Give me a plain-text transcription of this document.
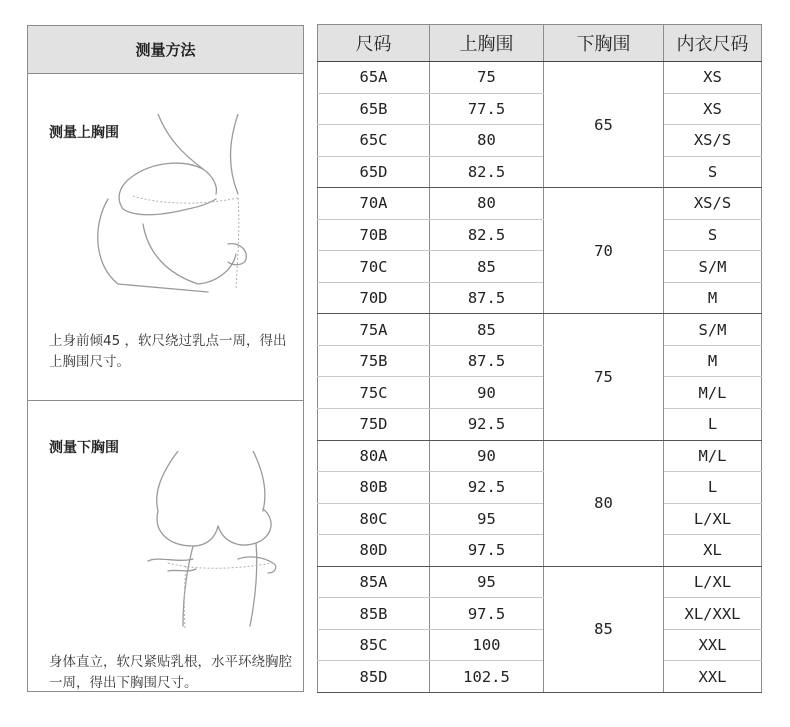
测量方法
测量上胸围
上身前倾45 ，软尺绕过乳点一周，得出上胸围尺寸。
测量下胸围
身体直立，软尺紧贴乳根，水平环绕胸腔一周，得出下胸围尺寸。
尺码	上胸围	下胸围	内衣尺码
65A	75	65	XS
65B	77.5		XS
65C	80		XS/S
65D	82.5		S
70A	80	70	XS/S
70B	82.5		S
70C	85		S/M
70D	87.5		M
75A	85	75	S/M
75B	87.5		M
75C	90		M/L
75D	92.5		L
80A	90	80	M/L
80B	92.5		L
80C	95		L/XL
80D	97.5		XL
85A	95	85	L/XL
85B	97.5		XL/XXL
85C	100		XXL
85D	102.5		XXL
